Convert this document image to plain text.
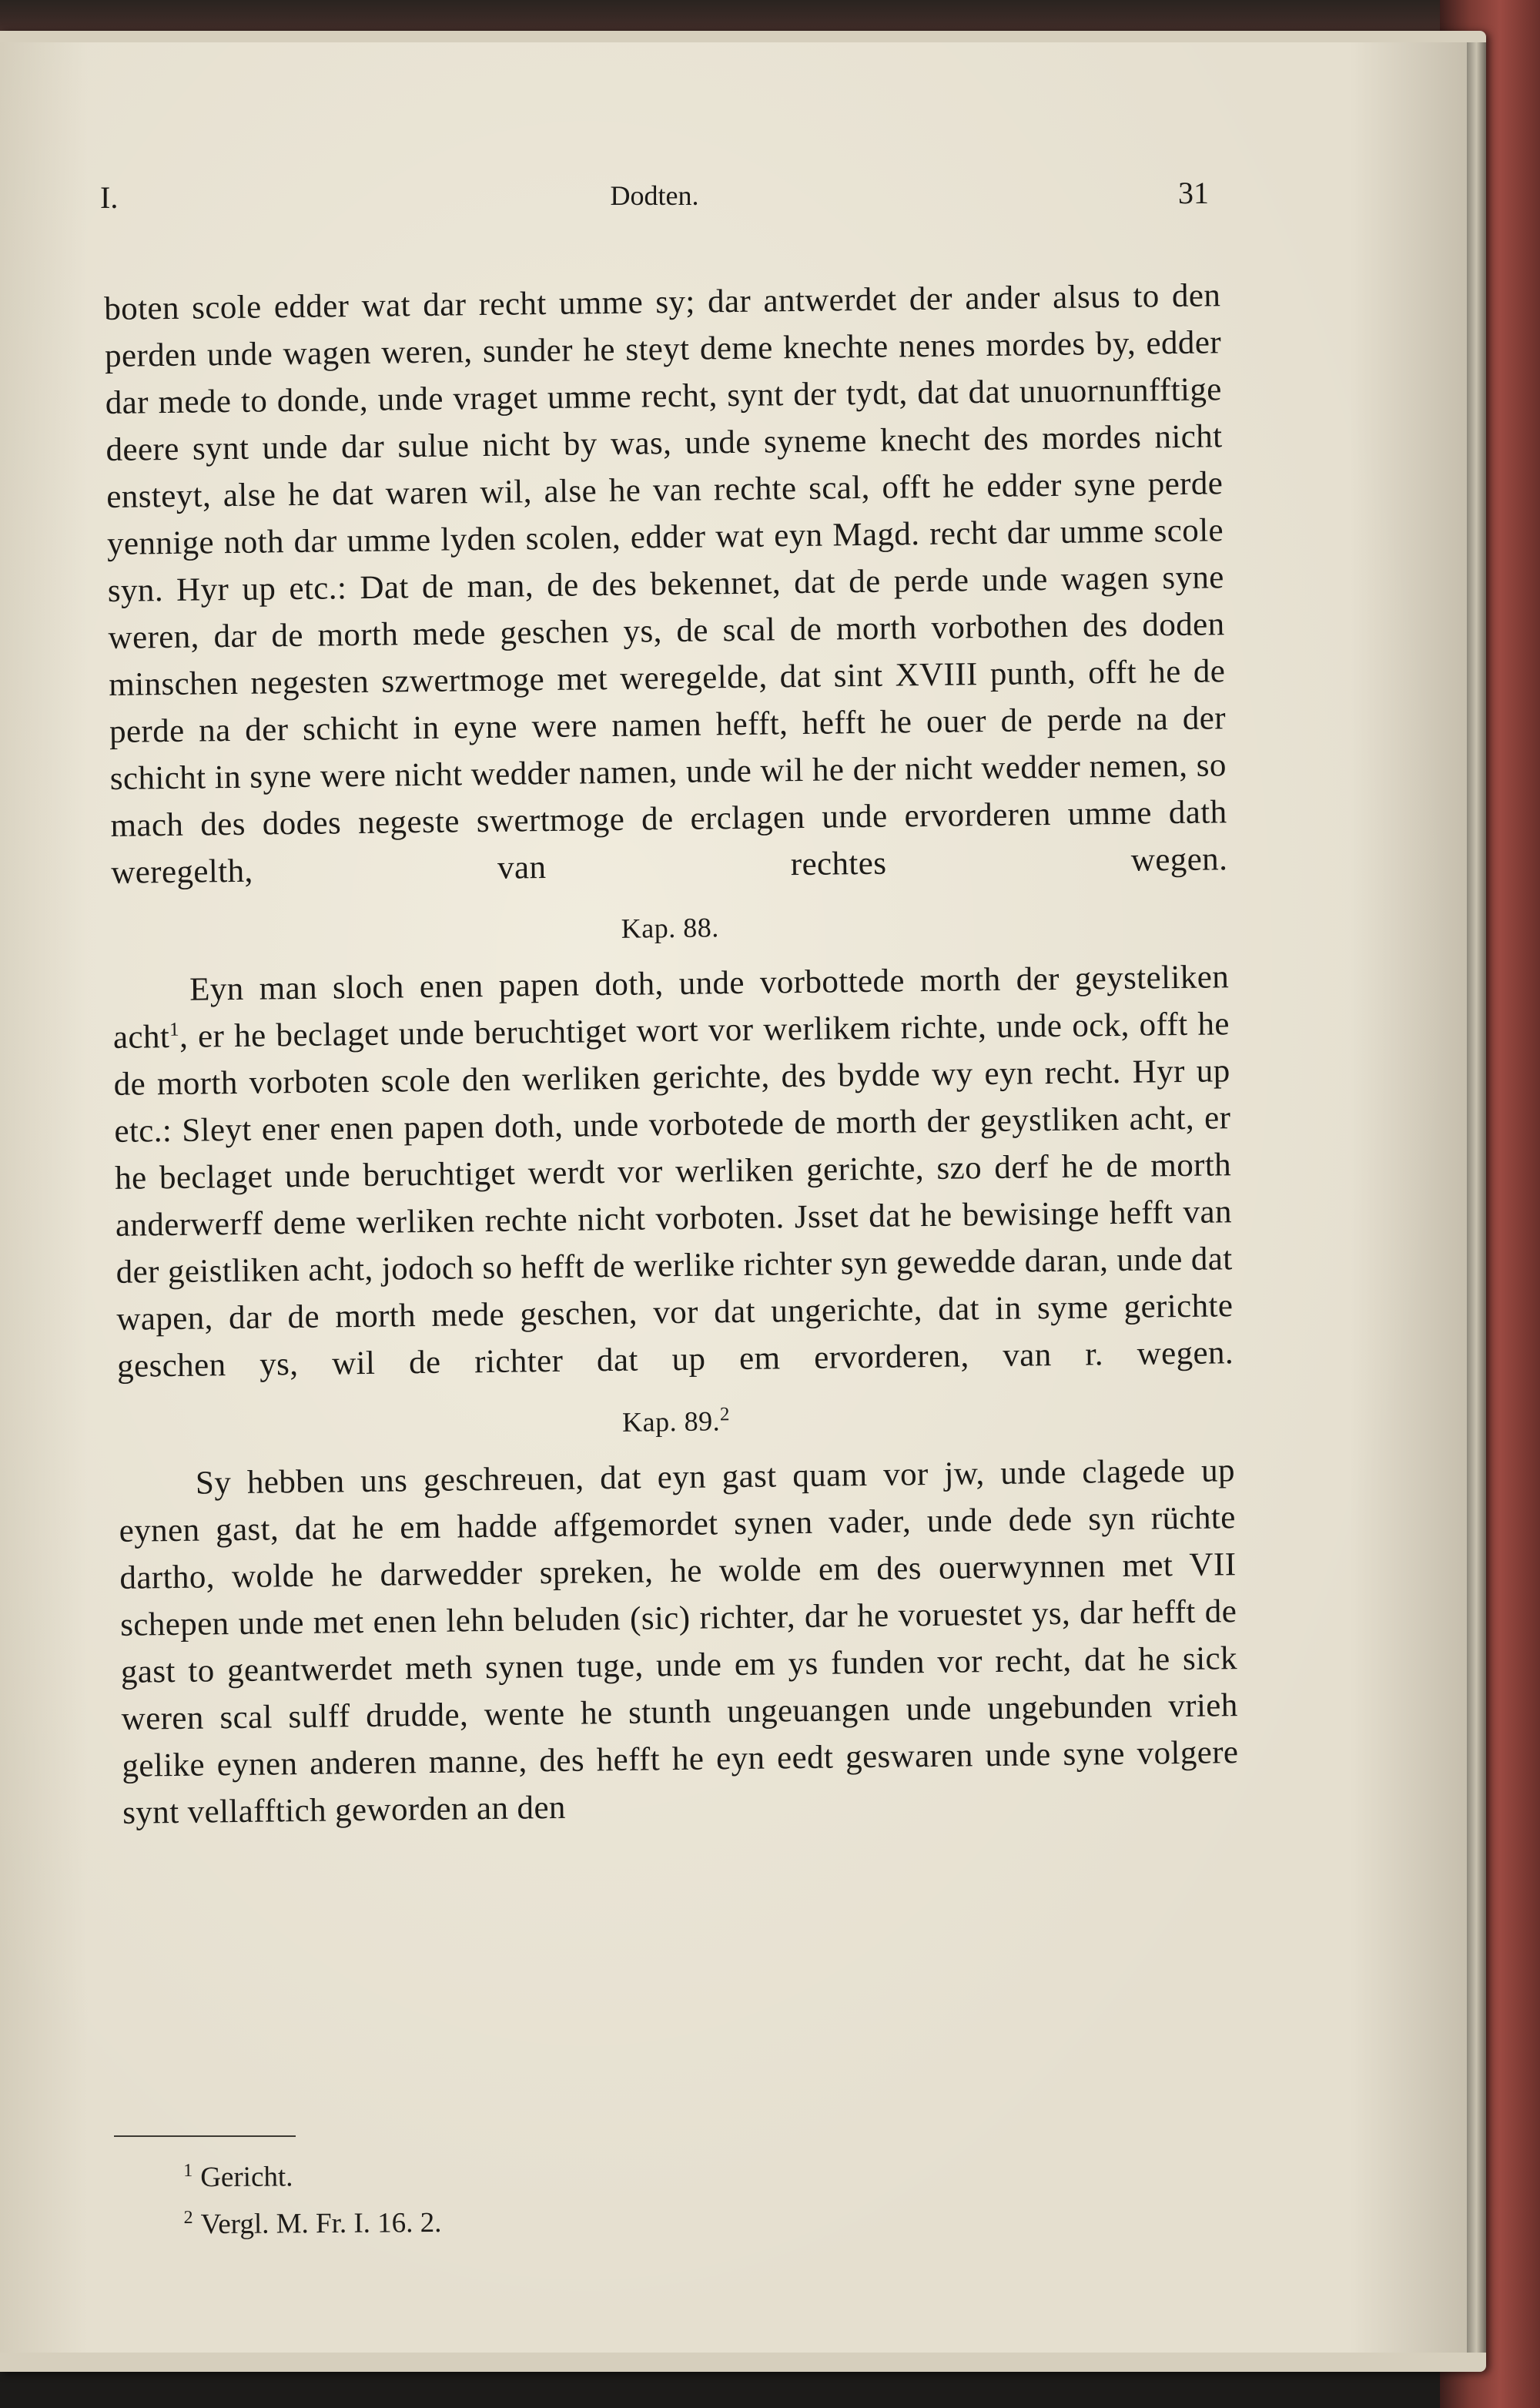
I.	Dodten.	31

boten scole edder wat dar recht umme sy; dar antwerdet der ander alsus to den perden unde wagen weren, sunder he steyt deme knechte nenes mordes by, edder dar mede to donde, unde vraget umme recht, synt der tydt, dat dat unuornunfftige deere synt unde dar sulue nicht by was, unde syneme knecht des mordes nicht ensteyt, alse he dat waren wil, alse he van rechte scal, offt he edder syne perde yennige noth dar umme lyden scolen, edder wat eyn Magd. recht dar umme scole syn. Hyr up etc.: Dat de man, de des bekennet, dat de perde unde wagen syne weren, dar de morth mede geschen ys, de scal de morth vorbothen des doden minschen negesten szwertmoge met weregelde, dat sint XVIII punth, offt he de perde na der schicht in eyne were namen hefft, hefft he ouer de perde na der schicht in syne were nicht wedder namen, unde wil he der nicht wedder nemen, so mach des dodes negeste swertmoge de erclagen unde ervorderen umme dath weregelth, van rechtes wegen.

Kap. 88.

Eyn man sloch enen papen doth, unde vorbottede morth der geysteliken acht$^1$, er he beclaget unde beruchtiget wort vor werlikem richte, unde ock, offt he de morth vorboten scole den werliken gerichte, des bydde wy eyn recht. Hyr up etc.: Sleyt ener enen papen doth, unde vorbotede de morth der geystliken acht, er he beclaget unde beruchtiget werdt vor werliken gerichte, szo derf he de morth anderwerff deme werliken rechte nicht vorboten. Jsset dat he bewisinge hefft van der geistliken acht, jodoch so hefft de werlike richter syn gewedde daran, unde dat wapen, dar de morth mede geschen, vor dat ungerichte, dat in syme gerichte geschen ys, wil de richter dat up em ervorderen, van r. wegen.

Kap. 89.$^2$

Sy hebben uns geschreuen, dat eyn gast quam vor jw, unde clagede up eynen gast, dat he em hadde affgemordet synen vader, unde dede syn rüchte dartho, wolde he darwedder spreken, he wolde em des ouerwynnen met VII schepen unde met enen lehn beluden (sic) richter, dar he voruestet ys, dar hefft de gast to geantwerdet meth synen tuge, unde em ys funden vor recht, dat he sick weren scal sulff drudde, wente he stunth ungeuangen unde ungebunden vrieh gelike eynen anderen manne, des hefft he eyn eedt geswaren unde syne volgere synt vellafftich geworden an den

$^1$ Gericht.

$^2$ Vergl. M. Fr. I. 16. 2.
